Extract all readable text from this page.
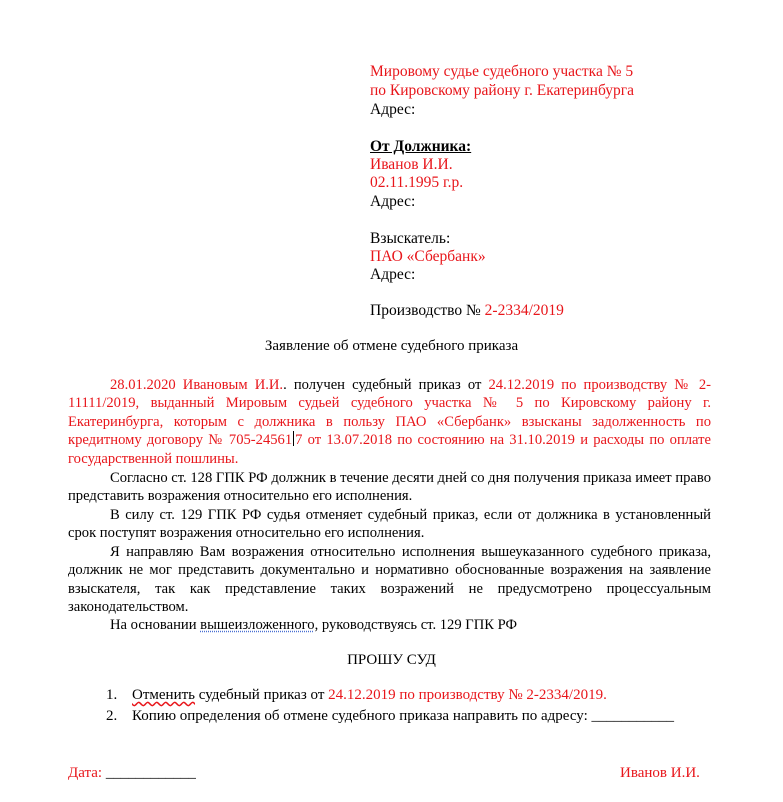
Мировому судье судебного участка № 5
по Кировскому району г. Екатеринбурга
Адрес:
От Должника:
Иванов И.И.
02.11.1995 г.р.
Адрес:
Взыскатель:
ПАО «Сбербанк»
Адрес:
Производство № 2-2334/2019
Заявление об отмене судебного приказа
28.01.2020 Ивановым И.И.. получен судебный приказ от 24.12.2019 по производству № 2-11111/2019, выданный Мировым судьей судебного участка № 5 по Кировскому району г. Екатеринбурга, которым с должника в пользу ПАО «Сбербанк» взысканы задолженность по кредитному договору № 705-24561 7 от 13.07.2018 по состоянию на 31.10.2019 и расходы по оплате государственной пошлины.
Согласно ст. 128 ГПК РФ должник в течение десяти дней со дня получения приказа имеет право представить возражения относительно его исполнения.
В силу ст. 129 ГПК РФ судья отменяет судебный приказ, если от должника в установленный срок поступят возражения относительно его исполнения.
Я направляю Вам возражения относительно исполнения вышеуказанного судебного приказа, должник не мог представить документально и нормативно обоснованные возражения на заявление взыскателя, так как представление таких возражений не предусмотрено процессуальным законодательством.
На основании вышеизложенного, руководствуясь ст. 129 ГПК РФ
ПРОШУ СУД
1. Отменить судебный приказ от 24.12.2019 по производству № 2-2334/2019.
2. Копию определения об отмене судебного приказа направить по адресу: ___________
Дата: ____________	Иванов И.И.
